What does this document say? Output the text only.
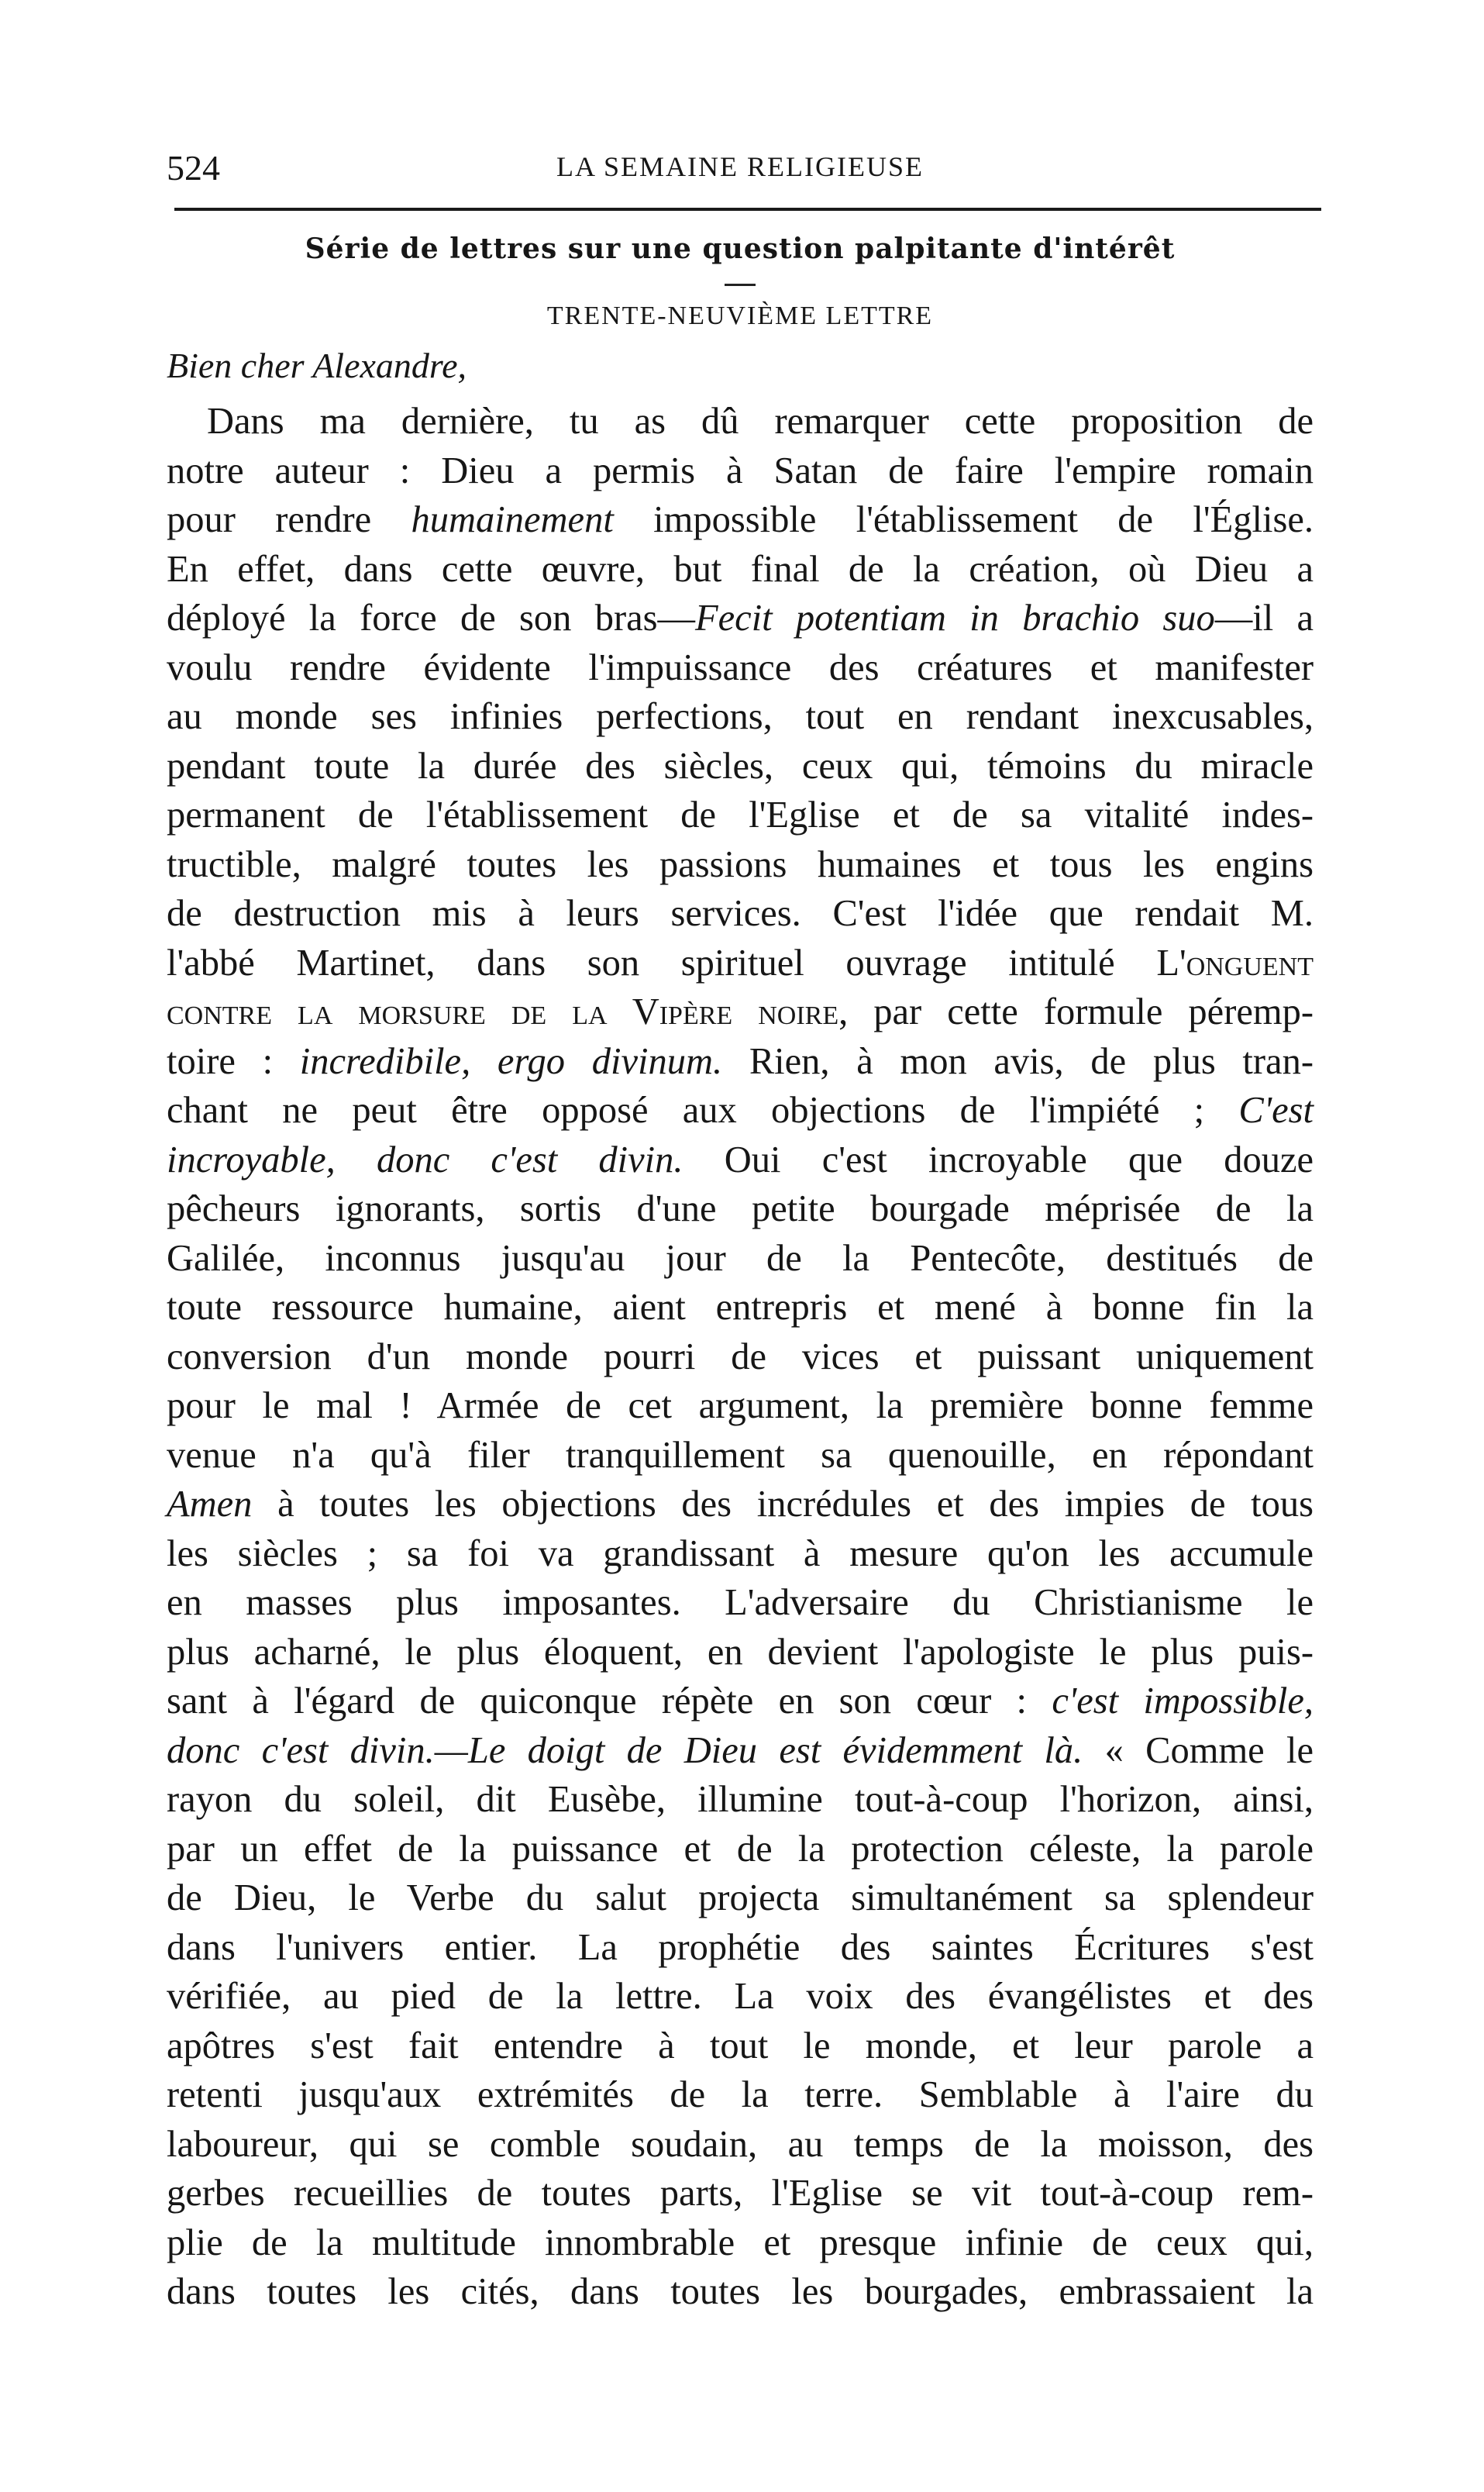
524	LA SEMAINE RELIGIEUSE
Série de lettres sur une question palpitante d'intérêt
TRENTE-NEUVIÈME LETTRE
Bien cher Alexandre,
Dans ma dernière, tu as dû remarquer cette proposition de
notre auteur : Dieu a permis à Satan de faire l'empire romain
pour rendre humainement impossible l'établissement de l'Église.
En effet, dans cette œuvre, but final de la création, où Dieu a
déployé la force de son bras—Fecit potentiam in brachio suo—il a
voulu rendre évidente l'impuissance des créatures et manifester
au monde ses infinies perfections, tout en rendant inexcusables,
pendant toute la durée des siècles, ceux qui, témoins du miracle
permanent de l'établissement de l'Eglise et de sa vitalité indes-
tructible, malgré toutes les passions humaines et tous les engins
de destruction mis à leurs services. C'est l'idée que rendait M.
l'abbé Martinet, dans son spirituel ouvrage intitulé L'onguent
contre la morsure de la Vipère noire, par cette formule péremp-
toire : incredibile, ergo divinum. Rien, à mon avis, de plus tran-
chant ne peut être opposé aux objections de l'impiété ; C'est
incroyable, donc c'est divin. Oui c'est incroyable que douze
pêcheurs ignorants, sortis d'une petite bourgade méprisée de la
Galilée, inconnus jusqu'au jour de la Pentecôte, destitués de
toute ressource humaine, aient entrepris et mené à bonne fin la
conversion d'un monde pourri de vices et puissant uniquement
pour le mal ! Armée de cet argument, la première bonne femme
venue n'a qu'à filer tranquillement sa quenouille, en répondant
Amen à toutes les objections des incrédules et des impies de tous
les siècles ; sa foi va grandissant à mesure qu'on les accumule
en masses plus imposantes. L'adversaire du Christianisme le
plus acharné, le plus éloquent, en devient l'apologiste le plus puis-
sant à l'égard de quiconque répète en son cœur : c'est impossible,
donc c'est divin.—Le doigt de Dieu est évidemment là. « Comme le
rayon du soleil, dit Eusèbe, illumine tout-à-coup l'horizon, ainsi,
par un effet de la puissance et de la protection céleste, la parole
de Dieu, le Verbe du salut projecta simultanément sa splendeur
dans l'univers entier. La prophétie des saintes Écritures s'est
vérifiée, au pied de la lettre. La voix des évangélistes et des
apôtres s'est fait entendre à tout le monde, et leur parole a
retenti jusqu'aux extrémités de la terre. Semblable à l'aire du
laboureur, qui se comble soudain, au temps de la moisson, des
gerbes recueillies de toutes parts, l'Eglise se vit tout-à-coup rem-
plie de la multitude innombrable et presque infinie de ceux qui,
dans toutes les cités, dans toutes les bourgades, embrassaient la
